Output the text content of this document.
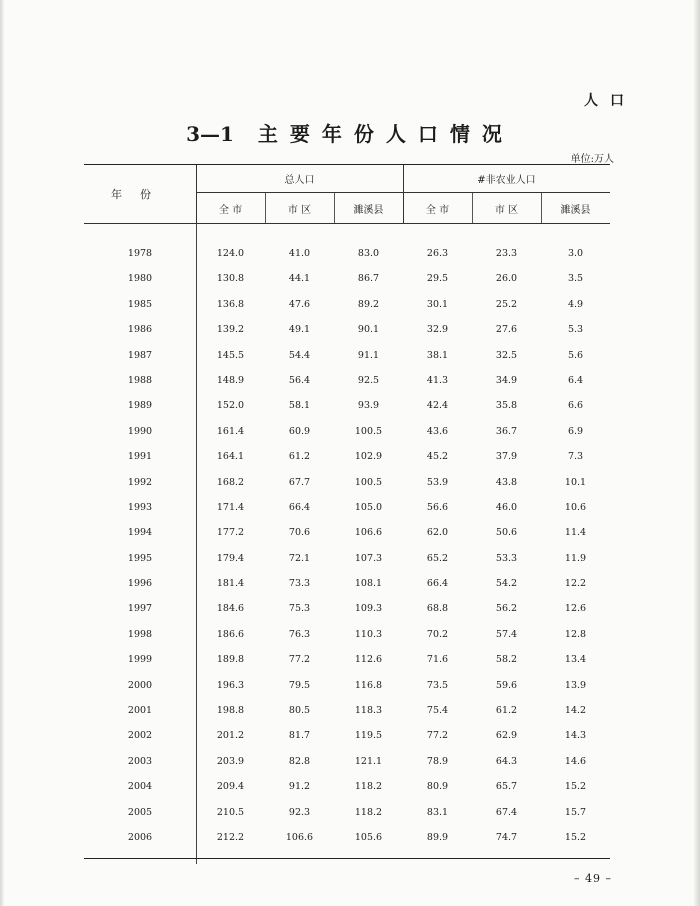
人口
3—1 主要年份人口情况
单位:万人
年份
总人口	#非农业人口
全 市	市 区	濉溪县	全 市	市 区	濉溪县
1978	124.0	41.0	83.0	26.3	23.3	3.0
1980	130.8	44.1	86.7	29.5	26.0	3.5
1985	136.8	47.6	89.2	30.1	25.2	4.9
1986	139.2	49.1	90.1	32.9	27.6	5.3
1987	145.5	54.4	91.1	38.1	32.5	5.6
1988	148.9	56.4	92.5	41.3	34.9	6.4
1989	152.0	58.1	93.9	42.4	35.8	6.6
1990	161.4	60.9	100.5	43.6	36.7	6.9
1991	164.1	61.2	102.9	45.2	37.9	7.3
1992	168.2	67.7	100.5	53.9	43.8	10.1
1993	171.4	66.4	105.0	56.6	46.0	10.6
1994	177.2	70.6	106.6	62.0	50.6	11.4
1995	179.4	72.1	107.3	65.2	53.3	11.9
1996	181.4	73.3	108.1	66.4	54.2	12.2
1997	184.6	75.3	109.3	68.8	56.2	12.6
1998	186.6	76.3	110.3	70.2	57.4	12.8
1999	189.8	77.2	112.6	71.6	58.2	13.4
2000	196.3	79.5	116.8	73.5	59.6	13.9
2001	198.8	80.5	118.3	75.4	61.2	14.2
2002	201.2	81.7	119.5	77.2	62.9	14.3
2003	203.9	82.8	121.1	78.9	64.3	14.6
2004	209.4	91.2	118.2	80.9	65.7	15.2
2005	210.5	92.3	118.2	83.1	67.4	15.7
2006	212.2	106.6	105.6	89.9	74.7	15.2
– 49 –
